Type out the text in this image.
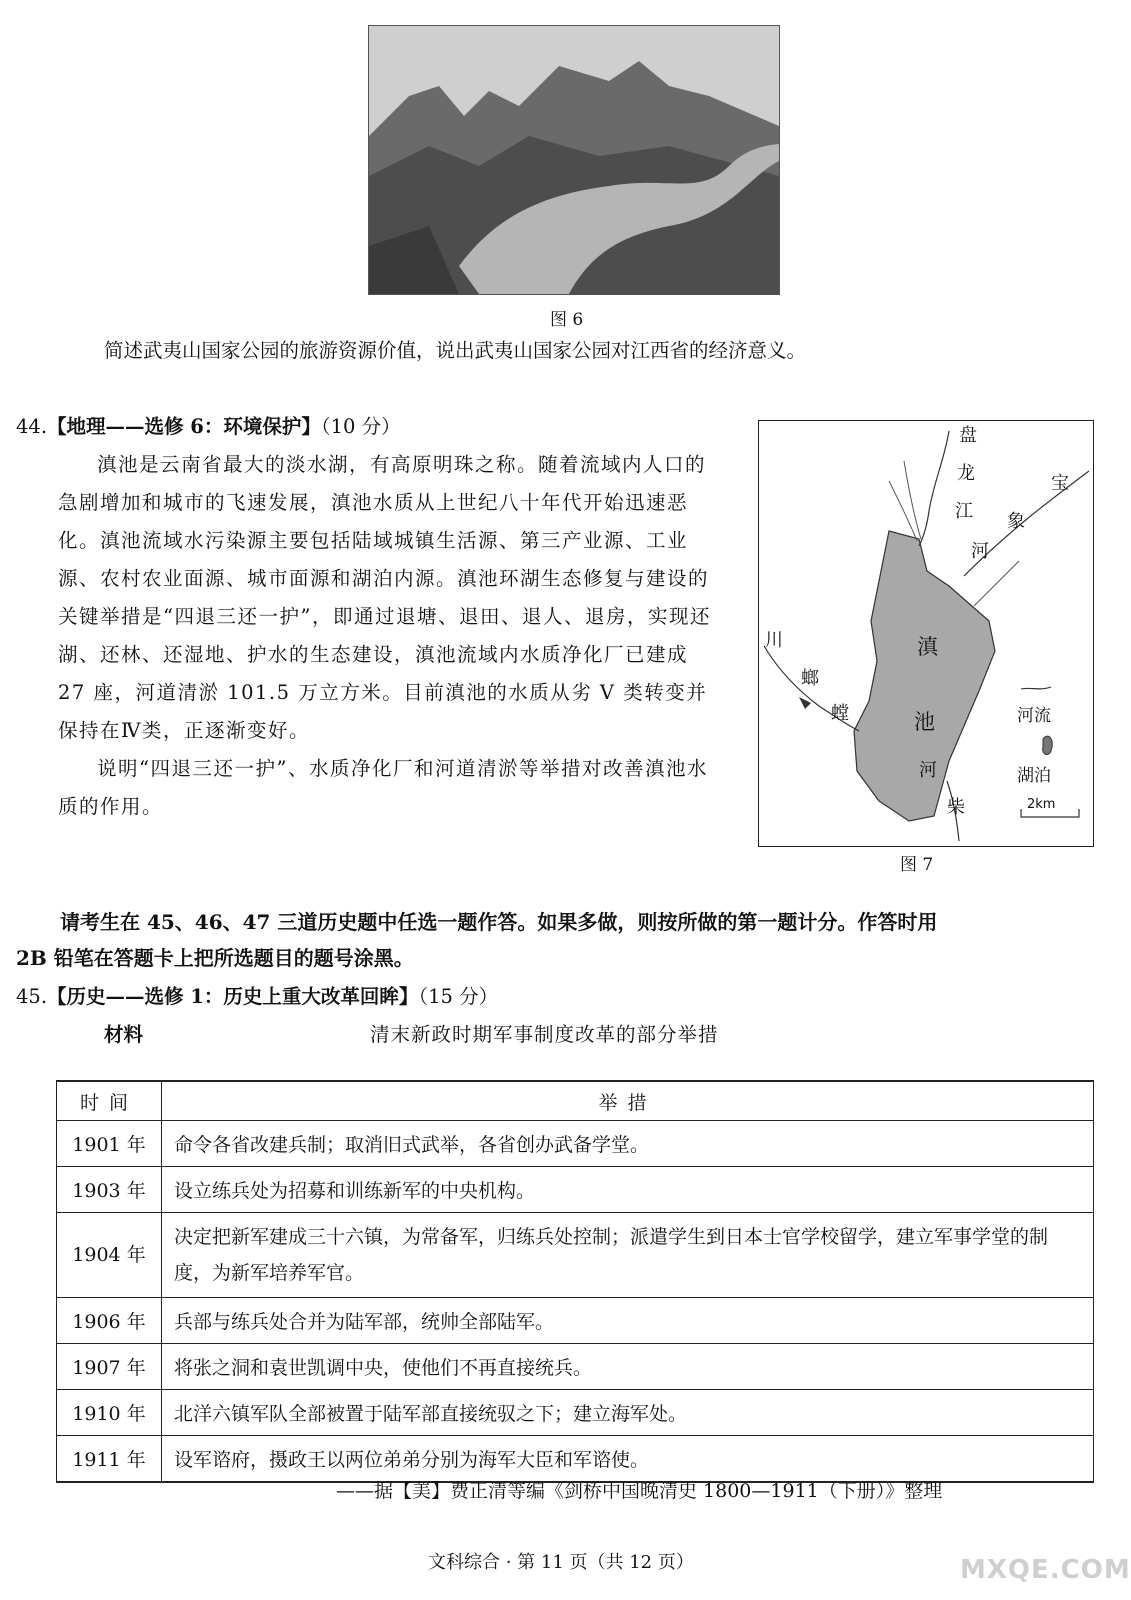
图 6
简述武夷山国家公园的旅游资源价值，说出武夷山国家公园对江西省的经济意义。
44.【地理——选修 6：环境保护】（10 分）

滇池是云南省最大的淡水湖，有高原明珠之称。随着流域内人口的急剧增加和城市的飞速发展，滇池水质从上世纪八十年代开始迅速恶化。滇池流域水污染源主要包括陆域城镇生活源、第三产业源、工业源、农村农业面源、城市面源和湖泊内源。滇池环湖生态修复与建设的关键举措是“四退三还一护”，即通过退塘、退田、退人、退房，实现还湖、还林、还湿地、护水的生态建设，滇池流域内水质净化厂已建成 27 座，河道清淤 101.5 万立方米。目前滇池的水质从劣 V 类转变并保持在Ⅳ类，正逐渐变好。

说明“四退三还一护”、水质净化厂和河道清淤等举措对改善滇池水质的作用。

盘
龙
江
宝
象
河
滇
池
川
螳
螂
河
柴
河流
湖泊
2km
图 7
请考生在 45、46、47 三道历史题中任选一题作答。如果多做，则按所做的第一题计分。作答时用
2B 铅笔在答题卡上把所选题目的题号涂黑。
45.【历史——选修 1：历史上重大改革回眸】（15 分）
材料	清末新政时期军事制度改革的部分举措
时间	举措
1901 年	命令各省改建兵制；取消旧式武举，各省创办武备学堂。
1903 年	设立练兵处为招募和训练新军的中央机构。
1904 年	决定把新军建成三十六镇，为常备军，归练兵处控制；派遣学生到日本士官学校留学，建立军事学堂的制度，为新军培养军官。
1906 年	兵部与练兵处合并为陆军部，统帅全部陆军。
1907 年	将张之洞和袁世凯调中央，使他们不再直接统兵。
1910 年	北洋六镇军队全部被置于陆军部直接统驭之下；建立海军处。
1911 年	设军谘府，摄政王以两位弟弟分别为海军大臣和军谘使。
——据【美】费正清等编《剑桥中国晚清史 1800—1911（下册）》整理
文科综合 · 第 11 页（共 12 页）	MXQE.COM
